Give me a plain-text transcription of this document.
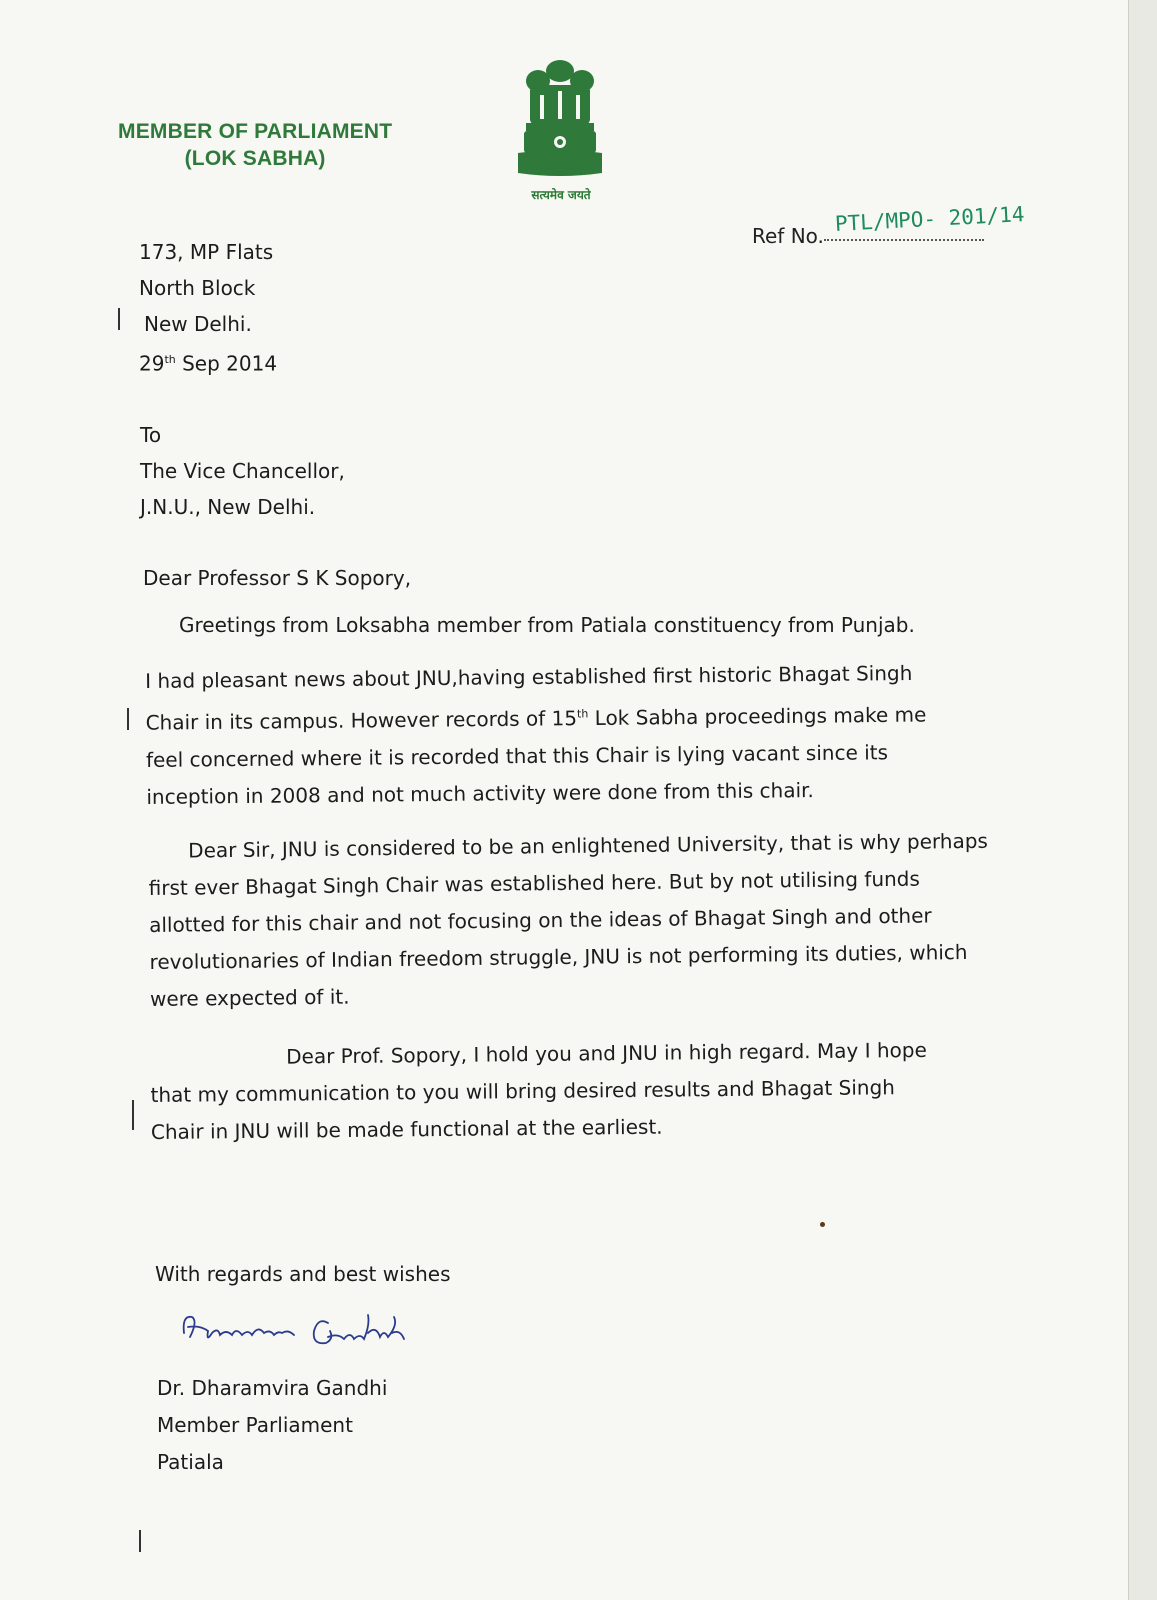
MEMBER OF PARLIAMENT
(LOK SABHA)
सत्यमेव जयते
Ref No.
PTL/MPO- 201/14
173, MP Flats
North Block
New Delhi.
29th Sep 2014
To
The Vice Chancellor,
J.N.U., New Delhi.
Dear Professor S K Sopory,

Greetings from Loksabha member from Patiala constituency from Punjab.

I had pleasant news about JNU,having established first historic Bhagat Singh Chair in its campus. However records of 15th Lok Sabha proceedings make me feel concerned where it is recorded that this Chair is lying vacant since its inception in 2008 and not much activity were done from this chair.

Dear Sir, JNU is considered to be an enlightened University, that is why perhaps first ever Bhagat Singh Chair was established here. But by not utilising funds allotted for this chair and not focusing on the ideas of Bhagat Singh and other revolutionaries of Indian freedom struggle, JNU is not performing its duties, which were expected of it.

Dear Prof. Sopory, I hold you and JNU in high regard. May I hope that my communication to you will bring desired results and Bhagat Singh Chair in JNU will be made functional at the earliest.

With regards and best wishes
Dr. Dharamvira Gandhi
Member Parliament
Patiala
